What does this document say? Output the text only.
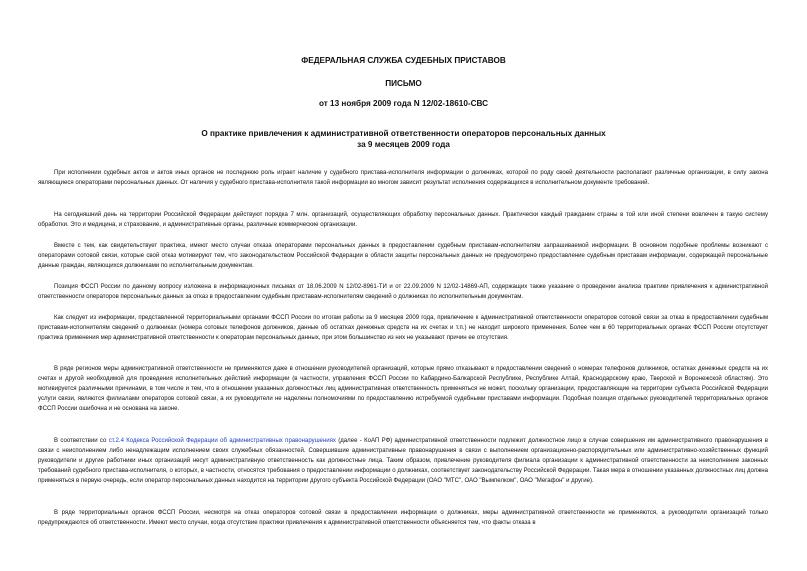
ФЕДЕРАЛЬНАЯ СЛУЖБА СУДЕБНЫХ ПРИСТАВОВ
ПИСЬМО
от 13 ноября 2009 года N 12/02-18610-СВС
О практике привлечения к административной ответственности операторов персональных данных
за 9 месяцев 2009 года

При исполнении судебных актов и актов иных органов не последнюю роль играет наличие у судебного пристава-исполнителя информации о должниках, которой по роду своей деятельности располагают различные организации, в силу закона являющиеся операторами персональных данных. От наличия у судебного пристава-исполнителя такой информации во многом зависит результат исполнения содержащихся в исполнительном документе требований.

На сегодняшний день на территории Российской Федерации действуют порядка 7 млн. организаций, осуществляющих обработку персональных данных. Практически каждый гражданин страны в той или иной степени вовлечен в такую систему обработки. Это и медицина, и страхование, и административные органы, различные коммерческие организации.

Вместе с тем, как свидетельствует практика, имеют место случаи отказа операторами персональных данных в предоставлении судебным приставам-исполнителям запрашиваемой информации. В основном подобные проблемы возникают с операторами сотовой связи, которые свой отказ мотивируют тем, что законодательством Российской Федерации в области защиты персональных данных не предусмотрено предоставление судебным приставам информации, содержащей персональные данные граждан, являющихся должниками по исполнительным документам.

Позиция ФССП России по данному вопросу изложена в информационных письмах от 18.06.2009 N 12/02-8961-ТИ и от 22.09.2009 N 12/02-14869-АП, содержащих также указание о проведении анализа практики привлечения к административной ответственности операторов персональных данных за отказ в предоставлении судебным приставам-исполнителям сведений о должниках по исполнительным документам.

Как следует из информации, представленной территориальными органами ФССП России по итогам работы за 9 месяцев 2009 года, привлечение к административной ответственности операторов сотовой связи за отказ в предоставлении судебным приставам-исполнителям сведений о должниках (номера сотовых телефонов должников, данные об остатках денежных средств на их счетах и т.п.) не находит широкого применения. Более чем в 60 территориальных органах ФССП России отсутствует практика применения мер административной ответственности к операторам персональных данных, при этом большинство из них не указывают причин ее отсутствия.

В ряде регионов меры административной ответственности не применяются даже в отношении руководителей организаций, которые прямо отказывают в предоставлении сведений о номерах телефонов должников, остатках денежных средств на их счетах и другой необходимой для проведения исполнительных действий информации (в частности, управления ФССП России по Кабардино-Балкарской Республике, Республике Алтай, Краснодарскому краю, Тверской и Воронежской областям). Это мотивируется различными причинами, в том числе и тем, что в отношении указанных должностных лиц административная ответственность применяться не может, поскольку организации, предоставляющие на территории субъекта Российской Федерации услуги связи, являются филиалами операторов сотовой связи, а их руководители не наделены полномочиями по предоставлению истребуемой судебными приставами информации. Подобная позиция отдельных руководителей территориальных органов ФССП России ошибочна и не основана на законе.

В соответствии со ст.2.4 Кодекса Российской Федерации об административных правонарушениях (далее - КоАП РФ) административной ответственности подлежит должностное лицо в случае совершения им административного правонарушения в связи с неисполнением либо ненадлежащим исполнением своих служебных обязанностей. Совершившие административные правонарушения в связи с выполнением организационно-распорядительных или административно-хозяйственных функций руководители и другие работники иных организаций несут административную ответственность как должностные лица. Таким образом, привлечение руководителя филиала организации к административной ответственности за неисполнение законных требований судебного пристава-исполнителя, о которых, в частности, относятся требования о предоставлении информации о должниках, соответствует законодательству Российской Федерации. Такая мера в отношении указанных должностных лиц должна применяться в первую очередь, если оператор персональных данных находится на территории другого субъекта Российской Федерации (ОАО "МТС", ОАО "Вымпелком", ОАО "Мегафон" и другие).

В ряде территориальных органов ФССП России, несмотря на отказ операторов сотовой связи в предоставлении информации о должниках, меры административной ответственности не применяются, а руководители организаций только предупреждаются об ответственности. Имеют место случаи, когда отсутствие практики привлечения к административной ответственности объясняется тем, что факты отказа в
